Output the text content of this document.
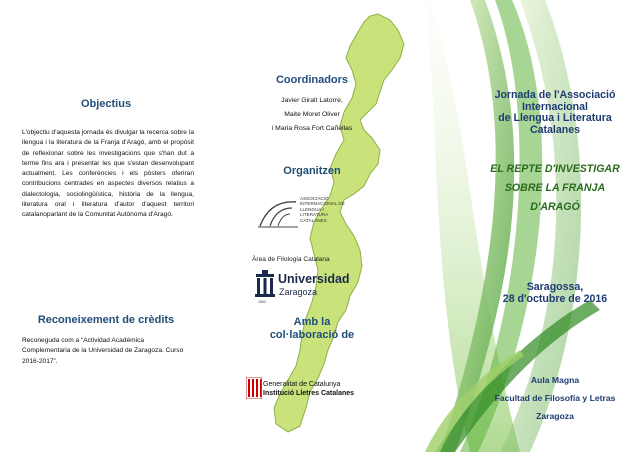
Objectius
L'objectiu d'aquesta jornada és divulgar la recerca sobre la llengua i la literatura de la Franja d'Aragó, amb el propòsit de reflexionar sobre les investigacions que s'han dut a terme fins ara i presentar les que s'estan desenvolupant actualment. Les conferències i els pòsters oferiran contribucions centrades en aspectes diversos relatius a dialectologia, sociolingüística, història de la llengua, literatura oral i literatura d'autor d'aquest territori catalanoparlant de la Comunitat Autònoma d'Aragó.
Reconeixement de crèdits
Reconeguda com a “Actividad Académica Complementaria de la Universidad de Zaragoza. Curso 2016-2017”.
Coordinadors
Javier Giralt Latorre,
Maite Moret Oliver
i Maria Rosa Fort Cañellas
Organitzen
ASSOCIACIÓ
INTERNACIONAL DE
LLENGUA I
LITERATURA
CATALANES
Àrea de Filologia Catalana
Universidad
Zaragoza
1542
Amb la
col·laboració de
Generalitat de Catalunya
Institució Lletres Catalanes
Jornada de l'Associació
Internacional
de Llengua i Literatura
Catalanes
EL REPTE D'INVESTIGAR
SOBRE LA FRANJA
D'ARAGÓ
Saragossa,
28 d'octubre de 2016
Aula Magna
Facultad de Filosofía y Letras
Zaragoza
